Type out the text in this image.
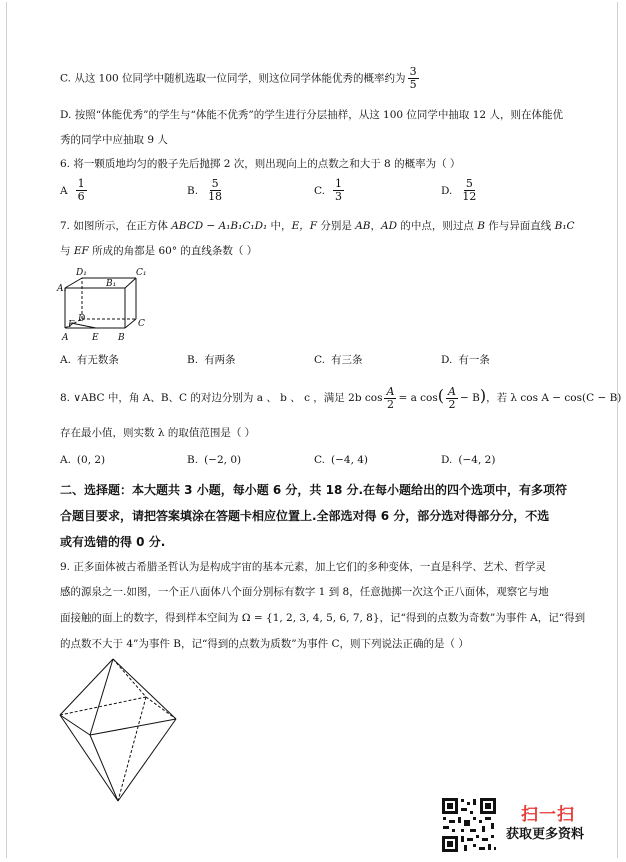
C. 从这 100 位同学中随机选取一位同学，则这位同学体能优秀的概率约为 $\frac{3}{5}$
D. 按照“体能优秀”的学生与“体能不优秀”的学生进行分层抽样，从这 100 位同学中抽取 12 人，则在体能优
秀的同学中应抽取 9 人
6. 将一颗质地均匀的骰子先后抛掷 2 次，则出现向上的点数之和大于 8 的概率为（ ）
A $\frac{1}{6}$	B. $\frac{5}{18}$	C. $\frac{1}{3}$	D. $\frac{5}{12}$
7. 如图所示，在正方体 ABCD − A₁B₁C₁D₁ 中，E，F 分别是 AB，AD 的中点，则过点 B 作与异面直线 B₁C
与 EF 所成的角都是 60° 的直线条数（ ）
D₁	C₁
A₁	B₁
F
D	C
A	E B
A. 有无数条	B. 有两条	C. 有三条	D. 有一条
8. ∨ABC 中，角 A、B、C 的对边分别为 a 、 b 、 c ，满足 2b $\cos \frac{A}{2} = a$ $\cos( \frac{A}{2} - B)$，若 λ cos A − cos(C − B)
存在最小值，则实数 λ 的取值范围是（ ）
A. (0, 2)	B. (−2, 0)	C. (−4, 4)	D. (−4, 2)
二、选择题：本大题共 3 小题，每小题 6 分，共 18 分.在每小题给出的四个选项中，有多项符
合题目要求，请把答案填涂在答题卡相应位置上.全部选对得 6 分，部分选对得部分分，不选
或有选错的得 0 分.
9. 正多面体被古希腊圣哲认为是构成宇宙的基本元素，加上它们的多种变体，一直是科学、艺术、哲学灵
感的源泉之一.如图，一个正八面体八个面分别标有数字 1 到 8，任意抛掷一次这个正八面体，观察它与地
面接触的面上的数字，得到样本空间为 Ω = {1, 2, 3, 4, 5, 6, 7, 8}，记“得到的点数为奇数”为事件 A，记“得到
的点数不大于 4”为事件 B，记“得到的点数为质数”为事件 C，则下列说法正确的是（ ）
扫一扫
获取更多资料
